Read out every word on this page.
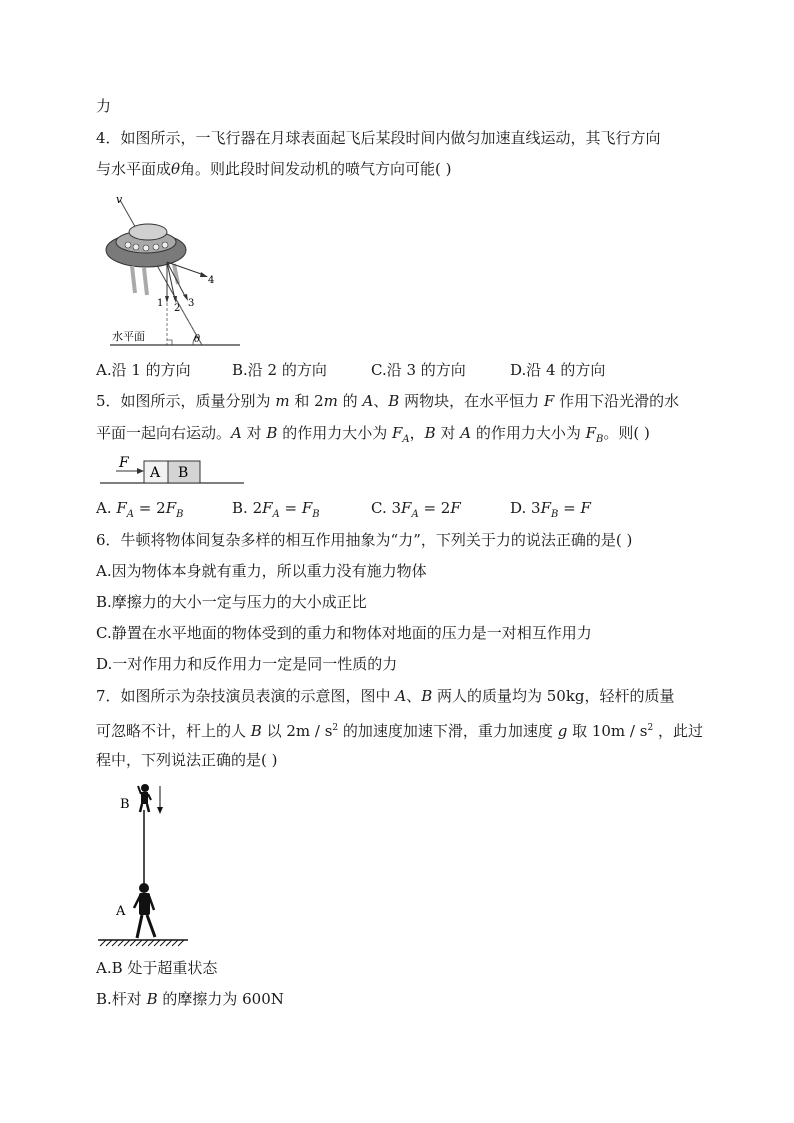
力
4．如图所示，一飞行器在月球表面起飞后某段时间内做匀加速直线运动，其飞行方向
与水平面成θ角。则此段时间发动机的喷气方向可能( )
v
1 2 3
4
水平面	θ
A.沿 1 的方向	B.沿 2 的方向	C.沿 3 的方向	D.沿 4 的方向
5．如图所示，质量分别为 m 和 2m 的 A、B 两物块，在水平恒力 F 作用下沿光滑的水
平面一起向右运动。A 对 B 的作用力大小为 $F_A$，B 对 A 的作用力大小为 $F_B$。则( )
F
A B
A. $F_A = 2F_B$	B. $2F_A = F_B$	C. $3F_A = 2F$	D. $3F_B = F$
6．牛顿将物体间复杂多样的相互作用抽象为“力”，下列关于力的说法正确的是( )
A.因为物体本身就有重力，所以重力没有施力物体
B.摩擦力的大小一定与压力的大小成正比
C.静置在水平地面的物体受到的重力和物体对地面的压力是一对相互作用力
D.一对作用力和反作用力一定是同一性质的力
7．如图所示为杂技演员表演的示意图，图中 A、B 两人的质量均为 50kg，轻杆的质量
可忽略不计，杆上的人 B 以 $2m / s^2$ 的加速度加速下滑，重力加速度 g 取 $10m / s^2$ ，此过
程中，下列说法正确的是( )
B
A
A.B 处于超重状态
B.杆对 B 的摩擦力为 600N
